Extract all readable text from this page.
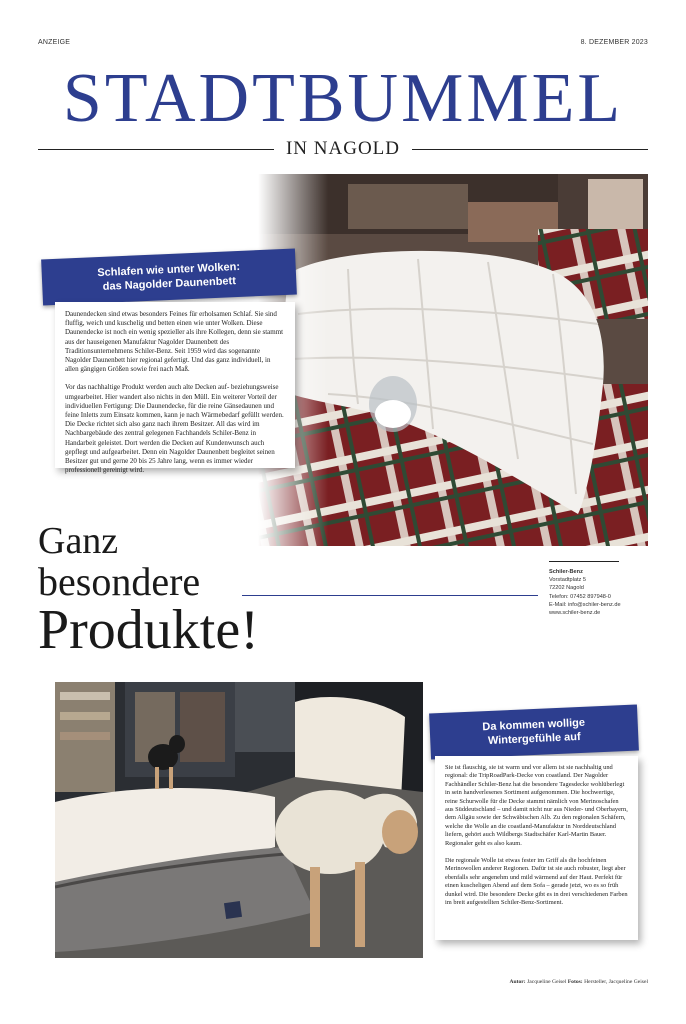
ANZEIGE	8. DEZEMBER 2023
STADTBUMMEL
IN NAGOLD
Schlafen wie unter Wolken:
das Nagolder Daunenbett

Daunendecken sind etwas besonders Feines für erholsamen Schlaf. Sie sind fluffig, weich und kuschelig und betten einen wie unter Wolken. Diese Daunendecke ist noch ein wenig spezieller als ihre Kollegen, denn sie stammt aus der hauseigenen Manufaktur Nagolder Daunenbett des Traditionsunternehmens Schiler-Benz. Seit 1959 wird das sogenannte Nagolder Daunenbett hier regional gefertigt. Und das ganz individuell, in allen gängigen Größen sowie frei nach Maß.

Vor das nachhaltige Produkt werden auch alte Decken auf- beziehungsweise umgearbeitet. Hier wandert also nichts in den Müll. Ein weiterer Vorteil der individuellen Fertigung: Die Daunendecke, für die reine Gänsedaunen und feine Inletts zum Einsatz kommen, kann je nach Wärmebedarf gefüllt werden. Die Decke richtet sich also ganz nach ihrem Besitzer. All das wird im Nachbargebäude des zentral gelegenen Fachhandels Schiler-Benz in Handarbeit geleistet. Dort werden die Decken auf Kundenwunsch auch gepflegt und aufgearbeitet. Denn ein Nagolder Daunenbett begleitet seinen Besitzer gut und gerne 20 bis 25 Jahre lang, wenn es immer wieder professionell gereinigt wird.

Ganz
besondere
Produkte!
Schiler-Benz
Vorstadtplatz 5
72202 Nagold
Telefon: 07452 897948-0
E-Mail: info@schiler-benz.de
www.schiler-benz.de
Da kommen wollige
Wintergefühle auf

Sie ist flauschig, sie ist warm und vor allem ist sie nachhaltig und regional: die TripRoadPark-Decke von coastland. Der Nagolder Fachhändler Schiler-Benz hat die besondere Tagesdecke wohlüberlegt in sein handverlesenes Sortiment aufgenommen. Die hochwertige, reine Schurwolle für die Decke stammt nämlich von Merinoschafen aus Süddeutschland – und damit nicht nur aus Nieder- und Oberbayern, dem Allgäu sowie der Schwäbischen Alb. Zu den regionalen Schäfern, welche die Wolle an die coastland-Manufaktur in Norddeutschland liefern, gehört auch Wildbergs Stadtschäfer Karl-Martin Bauer. Regionaler geht es also kaum.

Die regionale Wolle ist etwas fester im Griff als die hochfeinen Merinowollen anderer Regionen. Dafür ist sie auch robuster, liegt aber ebenfalls sehr angenehm und mild wärmend auf der Haut. Perfekt für einen kuscheligen Abend auf dem Sofa – gerade jetzt, wo es so früh dunkel wird. Die besondere Decke gibt es in drei verschiedenen Farben im breit aufgestellten Schiler-Benz-Sortiment.

Autor: Jacqueline Geisel Fotos: Hersteller, Jacqueline Geisel
